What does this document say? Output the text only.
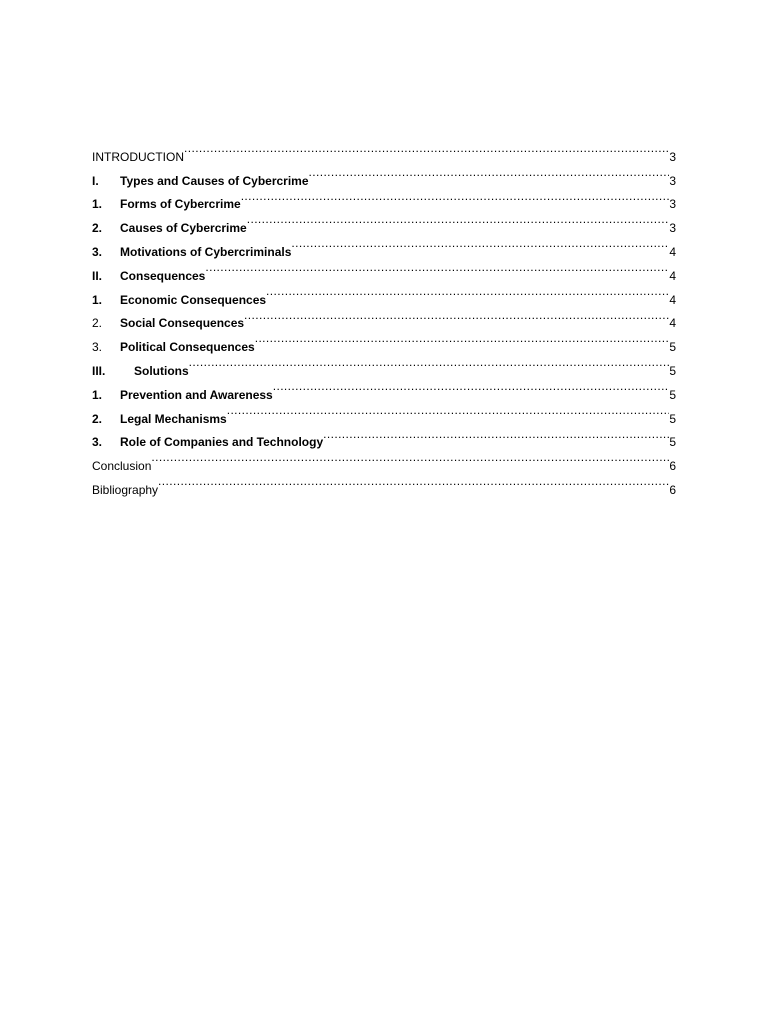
INTRODUCTION .....	3
I.	Types and Causes of Cybercrime .....	3
1.	Forms of Cybercrime .....	3
2.	Causes of Cybercrime .....	3
3.	Motivations of Cybercriminals .....	4
II.	Consequences .....	4
1.	Economic Consequences .....	4
2.	Social Consequences .....	4
3.	Political Consequences .....	5
III.	Solutions .....	5
1.	Prevention and Awareness .....	5
2.	Legal Mechanisms .....	5
3.	Role of Companies and Technology .....	5
Conclusion .....	6
Bibliography .....	6
